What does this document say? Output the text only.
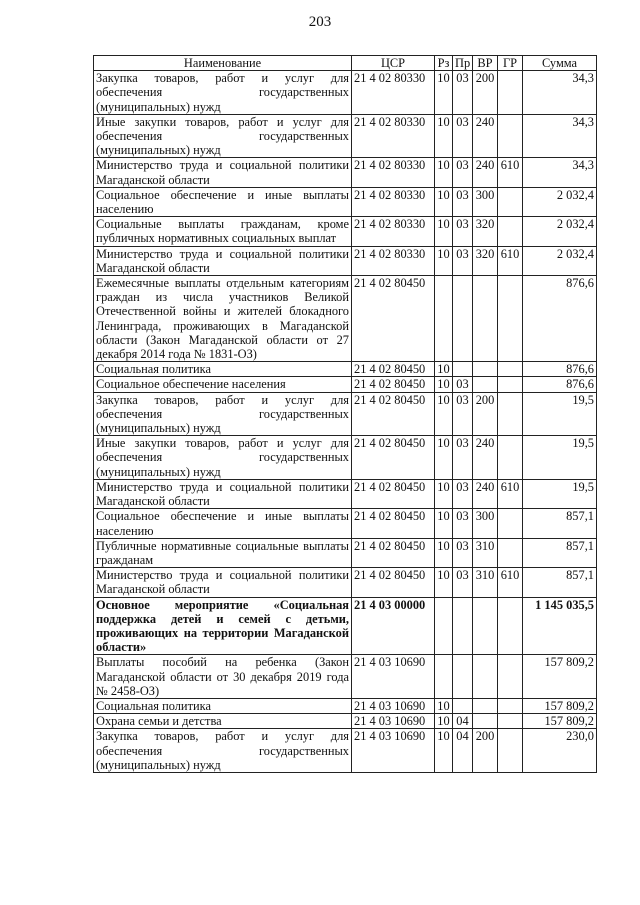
203
Наименование	ЦСР	Рз	Пр	ВР	ГР	Сумма
Закупка товаров, работ и услуг для обеспечения государственных (муниципальных) нужд	21 4 02 80330	10	03	200		34,3
Иные закупки товаров, работ и услуг для обеспечения государственных (муниципальных) нужд	21 4 02 80330	10	03	240		34,3
Министерство труда и социальной политики Магаданской области	21 4 02 80330	10	03	240	610	34,3
Социальное обеспечение и иные выплаты населению	21 4 02 80330	10	03	300		2 032,4
Социальные выплаты гражданам, кроме публичных нормативных социальных выплат	21 4 02 80330	10	03	320		2 032,4
Министерство труда и социальной политики Магаданской области	21 4 02 80330	10	03	320	610	2 032,4
Ежемесячные выплаты отдельным категориям граждан из числа участников Великой Отечественной войны и жителей блокадного Ленинграда, проживающих в Магаданской области (Закон Магаданской области от 27 декабря 2014 года № 1831-ОЗ)	21 4 02 80450					876,6
Социальная политика	21 4 02 80450	10				876,6
Социальное обеспечение населения	21 4 02 80450	10	03			876,6
Закупка товаров, работ и услуг для обеспечения государственных (муниципальных) нужд	21 4 02 80450	10	03	200		19,5
Иные закупки товаров, работ и услуг для обеспечения государственных (муниципальных) нужд	21 4 02 80450	10	03	240		19,5
Министерство труда и социальной политики Магаданской области	21 4 02 80450	10	03	240	610	19,5
Социальное обеспечение и иные выплаты населению	21 4 02 80450	10	03	300		857,1
Публичные нормативные социальные выплаты гражданам	21 4 02 80450	10	03	310		857,1
Министерство труда и социальной политики Магаданской области	21 4 02 80450	10	03	310	610	857,1
Основное мероприятие «Социальная поддержка детей и семей с детьми, проживающих на территории Магаданской области»	21 4 03 00000					1 145 035,5
Выплаты пособий на ребенка (Закон Магаданской области от 30 декабря 2019 года № 2458-ОЗ)	21 4 03 10690					157 809,2
Социальная политика	21 4 03 10690	10				157 809,2
Охрана семьи и детства	21 4 03 10690	10	04			157 809,2
Закупка товаров, работ и услуг для обеспечения государственных (муниципальных) нужд	21 4 03 10690	10	04	200		230,0
